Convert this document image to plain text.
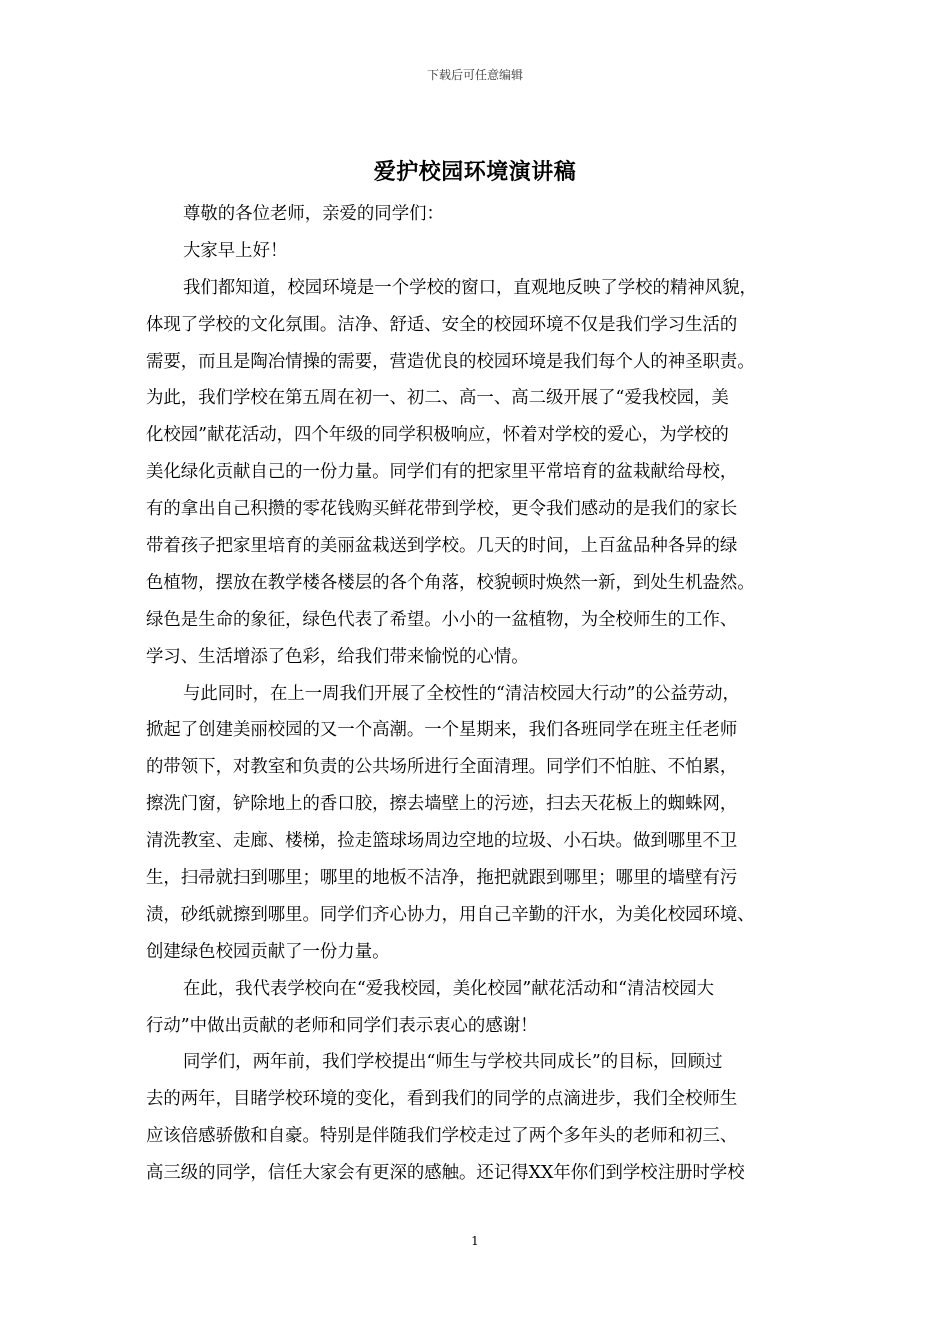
下载后可任意编辑
爱护校园环境演讲稿
尊敬的各位老师，亲爱的同学们：
大家早上好！
我们都知道，校园环境是一个学校的窗口，直观地反映了学校的精神风貌，
体现了学校的文化氛围。洁净、舒适、安全的校园环境不仅是我们学习生活的
需要，而且是陶冶情操的需要，营造优良的校园环境是我们每个人的神圣职责。
为此，我们学校在第五周在初一、初二、高一、高二级开展了“爱我校园，美
化校园”献花活动，四个年级的同学积极响应，怀着对学校的爱心，为学校的
美化绿化贡献自己的一份力量。同学们有的把家里平常培育的盆栽献给母校，
有的拿出自己积攒的零花钱购买鲜花带到学校，更令我们感动的是我们的家长
带着孩子把家里培育的美丽盆栽送到学校。几天的时间，上百盆品种各异的绿
色植物，摆放在教学楼各楼层的各个角落，校貌顿时焕然一新，到处生机盎然。
绿色是生命的象征，绿色代表了希望。小小的一盆植物，为全校师生的工作、
学习、生活增添了色彩，给我们带来愉悦的心情。
与此同时，在上一周我们开展了全校性的“清洁校园大行动”的公益劳动，
掀起了创建美丽校园的又一个高潮。一个星期来，我们各班同学在班主任老师
的带领下，对教室和负责的公共场所进行全面清理。同学们不怕脏、不怕累，
擦洗门窗，铲除地上的香口胶，擦去墙壁上的污迹，扫去天花板上的蜘蛛网，
清洗教室、走廊、楼梯，捡走篮球场周边空地的垃圾、小石块。做到哪里不卫
生，扫帚就扫到哪里；哪里的地板不洁净，拖把就跟到哪里；哪里的墙壁有污
渍，砂纸就擦到哪里。同学们齐心协力，用自己辛勤的汗水，为美化校园环境、
创建绿色校园贡献了一份力量。
在此，我代表学校向在“爱我校园，美化校园”献花活动和“清洁校园大
行动”中做出贡献的老师和同学们表示衷心的感谢！
同学们，两年前，我们学校提出“师生与学校共同成长”的目标，回顾过
去的两年，目睹学校环境的变化，看到我们的同学的点滴进步，我们全校师生
应该倍感骄傲和自豪。特别是伴随我们学校走过了两个多年头的老师和初三、
高三级的同学，信任大家会有更深的感触。还记得XX年你们到学校注册时学校
1
